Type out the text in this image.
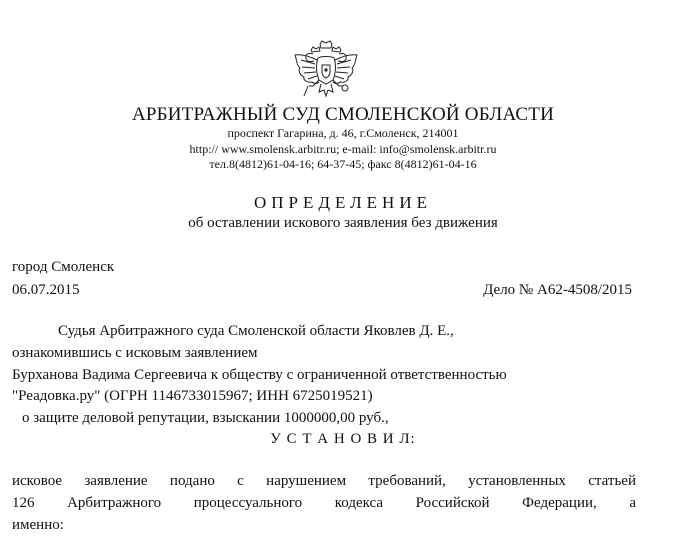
АРБИТРАЖНЫЙ СУД СМОЛЕНСКОЙ ОБЛАСТИ
проспект Гагарина, д. 46, г.Смоленск, 214001
http:// www.smolensk.arbitr.ru; e-mail: info@smolensk.arbitr.ru
тел.8(4812)61-04-16; 64-37-45; факс 8(4812)61-04-16
ОПРЕДЕЛЕНИЕ
об оставлении искового заявления без движения
город Смоленск
06.07.2015	Дело № А62-4508/2015
Судья Арбитражного суда Смоленской области Яковлев Д. Е.,
ознакомившись с исковым заявлением
Бурханова Вадима Сергеевича к обществу с ограниченной ответственностью
"Реадовка.ру" (ОГРН 1146733015967; ИНН 6725019521)
о защите деловой репутации, взыскании 1000000,00 руб.,
У С Т А Н О В И Л:
исковое заявление подано с нарушением требований, установленных статьей
126 Арбитражного процессуального кодекса Российской Федерации, а
именно:
